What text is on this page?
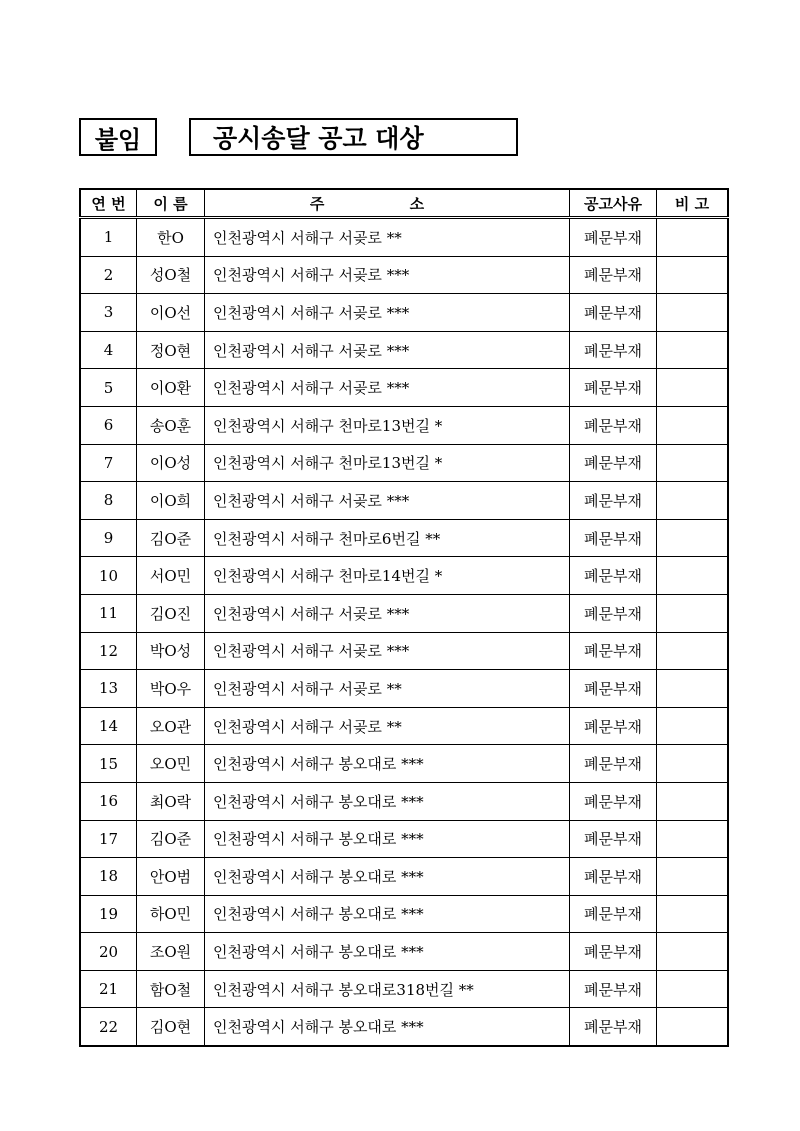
붙임	공시송달 공고 대상
연 번	이 름	주 소	공고사유	비 고
1	한O	인천광역시 서해구 서곶로 **	폐문부재	
2	성O철	인천광역시 서해구 서곶로 ***	폐문부재	
3	이O선	인천광역시 서해구 서곶로 ***	폐문부재	
4	정O현	인천광역시 서해구 서곶로 ***	폐문부재	
5	이O환	인천광역시 서해구 서곶로 ***	폐문부재	
6	송O훈	인천광역시 서해구 천마로13번길 *	폐문부재	
7	이O성	인천광역시 서해구 천마로13번길 *	폐문부재	
8	이O희	인천광역시 서해구 서곶로 ***	폐문부재	
9	김O준	인천광역시 서해구 천마로6번길 **	폐문부재	
10	서O민	인천광역시 서해구 천마로14번길 *	폐문부재	
11	김O진	인천광역시 서해구 서곶로 ***	폐문부재	
12	박O성	인천광역시 서해구 서곶로 ***	폐문부재	
13	박O우	인천광역시 서해구 서곶로 **	폐문부재	
14	오O관	인천광역시 서해구 서곶로 **	폐문부재	
15	오O민	인천광역시 서해구 봉오대로 ***	폐문부재	
16	최O락	인천광역시 서해구 봉오대로 ***	폐문부재	
17	김O준	인천광역시 서해구 봉오대로 ***	폐문부재	
18	안O범	인천광역시 서해구 봉오대로 ***	폐문부재	
19	하O민	인천광역시 서해구 봉오대로 ***	폐문부재	
20	조O원	인천광역시 서해구 봉오대로 ***	폐문부재	
21	함O철	인천광역시 서해구 봉오대로318번길 **	폐문부재	
22	김O현	인천광역시 서해구 봉오대로 ***	폐문부재	
